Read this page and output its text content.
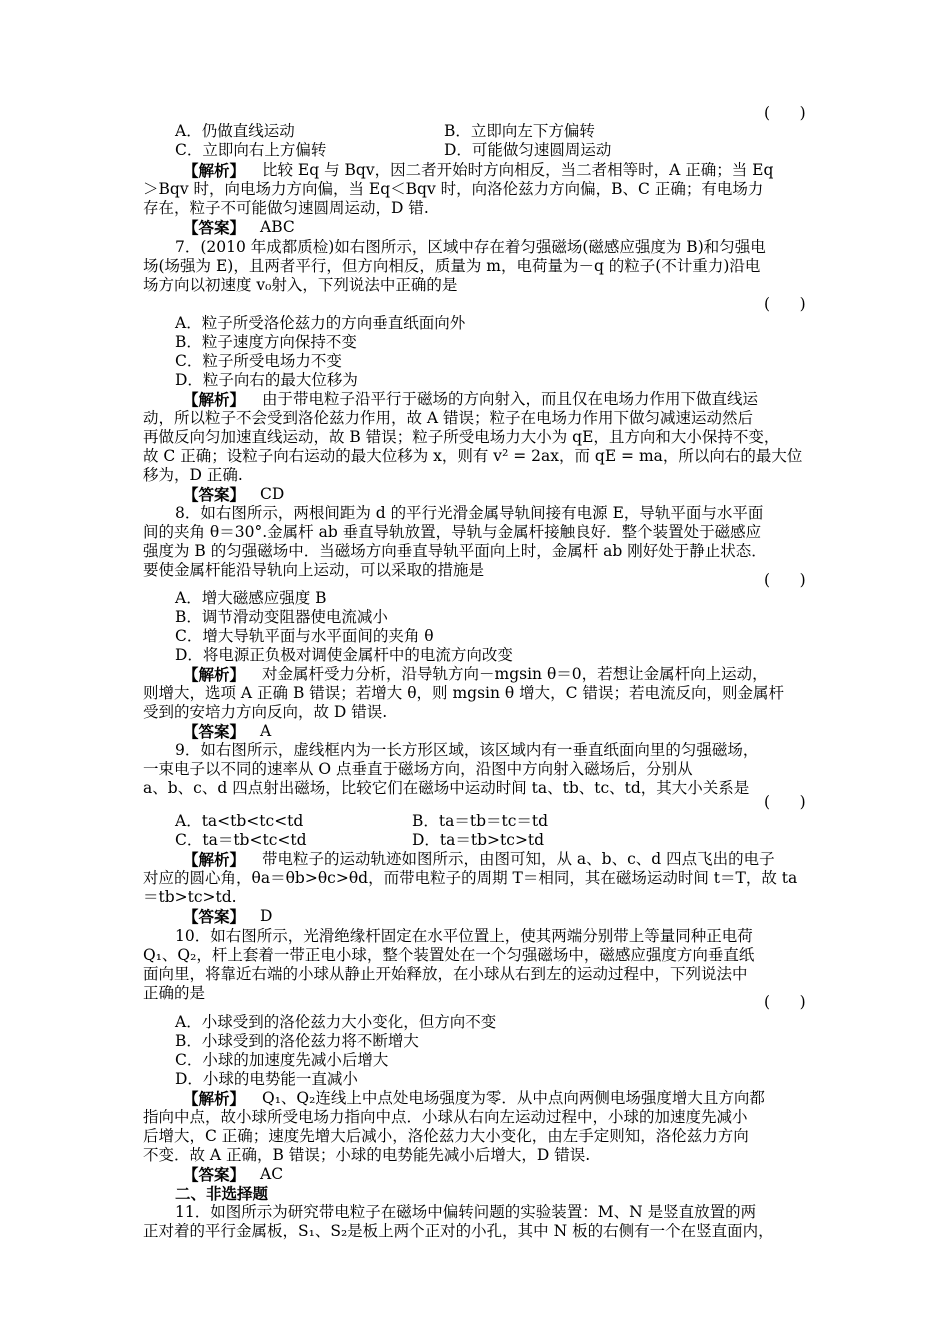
(      )
A．仍做直线运动	B．立即向左下方偏转
C．立即向右上方偏转	D．可能做匀速圆周运动
【解析】 比较 Eq 与 Bqv，因二者开始时方向相反，当二者相等时，A 正确；当 Eq
＞Bqv 时，向电场力方向偏，当 Eq＜Bqv 时，向洛伦兹力方向偏，B、C 正确；有电场力
存在，粒子不可能做匀速圆周运动，D 错.
【答案】 ABC
7．(2010 年成都质检)如右图所示，区域中存在着匀强磁场(磁感应强度为 B)和匀强电
场(场强为 E)，且两者平行，但方向相反，质量为 m，电荷量为－q 的粒子(不计重力)沿电
场方向以初速度 v₀射入，下列说法中正确的是
(      )
A．粒子所受洛伦兹力的方向垂直纸面向外
B．粒子速度方向保持不变
C．粒子所受电场力不变
D．粒子向右的最大位移为
【解析】 由于带电粒子沿平行于磁场的方向射入，而且仅在电场力作用下做直线运
动，所以粒子不会受到洛伦兹力作用，故 A 错误；粒子在电场力作用下做匀减速运动然后
再做反向匀加速直线运动，故 B 错误；粒子所受电场力大小为 qE，且方向和大小保持不变，
故 C 正确；设粒子向右运动的最大位移为 x，则有 v² = 2ax，而 qE = ma，所以向右的最大位
移为，D 正确.
【答案】 CD
8．如右图所示，两根间距为 d 的平行光滑金属导轨间接有电源 E，导轨平面与水平面
间的夹角 θ＝30°.金属杆 ab 垂直导轨放置，导轨与金属杆接触良好．整个装置处于磁感应
强度为 B 的匀强磁场中．当磁场方向垂直导轨平面向上时，金属杆 ab 刚好处于静止状态．
要使金属杆能沿导轨向上运动，可以采取的措施是
(      )
A．增大磁感应强度 B
B．调节滑动变阻器使电流减小
C．增大导轨平面与水平面间的夹角 θ
D．将电源正负极对调使金属杆中的电流方向改变
【解析】 对金属杆受力分析，沿导轨方向－mgsin θ＝0，若想让金属杆向上运动，
则增大，选项 A 正确 B 错误；若增大 θ，则 mgsin θ 增大，C 错误；若电流反向，则金属杆
受到的安培力方向反向，故 D 错误.
【答案】 A
9．如右图所示，虚线框内为一长方形区域，该区域内有一垂直纸面向里的匀强磁场，
一束电子以不同的速率从 O 点垂直于磁场方向，沿图中方向射入磁场后，分别从
a、b、c、d 四点射出磁场，比较它们在磁场中运动时间 ta、tb、tc、td，其大小关系是
(      )
A．ta<tb<tc<td	B．ta＝tb＝tc＝td
C．ta＝tb<tc<td	D．ta＝tb>tc>td
【解析】 带电粒子的运动轨迹如图所示，由图可知，从 a、b、c、d 四点飞出的电子
对应的圆心角，θa＝θb>θc>θd，而带电粒子的周期 T＝相同，其在磁场运动时间 t＝T，故 ta
＝tb>tc>td.
【答案】 D
10．如右图所示，光滑绝缘杆固定在水平位置上，使其两端分别带上等量同种正电荷
Q₁、Q₂，杆上套着一带正电小球，整个装置处在一个匀强磁场中，磁感应强度方向垂直纸
面向里，将靠近右端的小球从静止开始释放，在小球从右到左的运动过程中，下列说法中
正确的是	(      )
A．小球受到的洛伦兹力大小变化，但方向不变
B．小球受到的洛伦兹力将不断增大
C．小球的加速度先减小后增大
D．小球的电势能一直减小
【解析】 Q₁、Q₂连线上中点处电场强度为零．从中点向两侧电场强度增大且方向都
指向中点，故小球所受电场力指向中点．小球从右向左运动过程中，小球的加速度先减小
后增大，C 正确；速度先增大后减小，洛伦兹力大小变化，由左手定则知，洛伦兹力方向
不变．故 A 正确，B 错误；小球的电势能先减小后增大，D 错误.
【答案】 AC
二、非选择题
11．如图所示为研究带电粒子在磁场中偏转问题的实验装置：M、N 是竖直放置的两
正对着的平行金属板，S₁、S₂是板上两个正对的小孔，其中 N 板的右侧有一个在竖直面内，
